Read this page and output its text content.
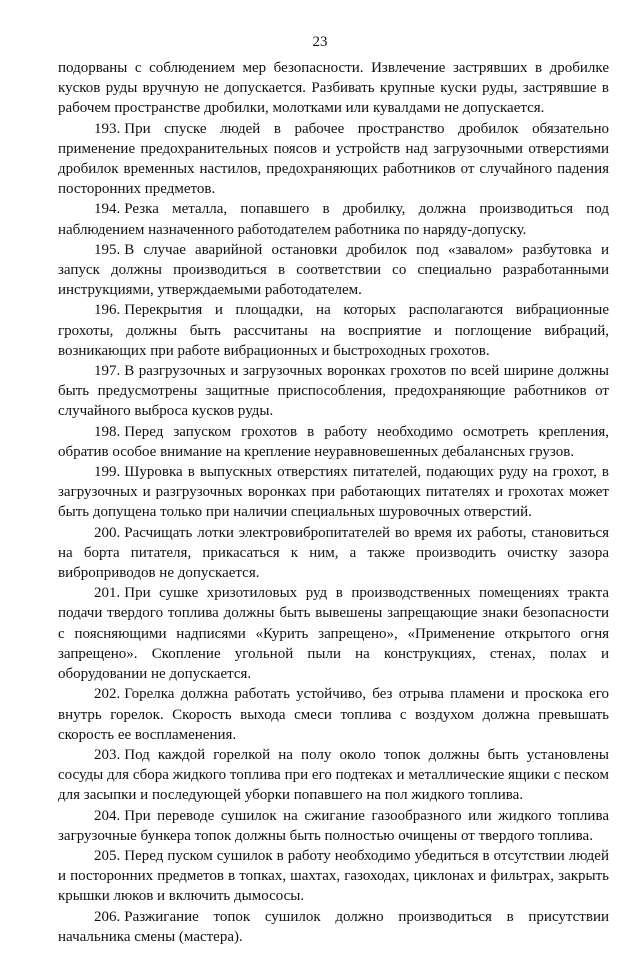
23

подорваны с соблюдением мер безопасности. Извлечение застрявших в дробилке кусков руды вручную не допускается. Разбивать крупные куски руды, застрявшие в рабочем пространстве дробилки, молотками или кувалдами не допускается.

193. При спуске людей в рабочее пространство дробилок обязательно применение предохранительных поясов и устройств над загрузочными отверстиями дробилок временных настилов, предохраняющих работников от случайного падения посторонних предметов.

194. Резка металла, попавшего в дробилку, должна производиться под наблюдением назначенного работодателем работника по наряду-допуску.

195. В случае аварийной остановки дробилок под «завалом» разбутовка и запуск должны производиться в соответствии со специально разработанными инструкциями, утверждаемыми работодателем.

196. Перекрытия и площадки, на которых располагаются вибрационные грохоты, должны быть рассчитаны на восприятие и поглощение вибраций, возникающих при работе вибрационных и быстроходных грохотов.

197. В разгрузочных и загрузочных воронках грохотов по всей ширине должны быть предусмотрены защитные приспособления, предохраняющие работников от случайного выброса кусков руды.

198. Перед запуском грохотов в работу необходимо осмотреть крепления, обратив особое внимание на крепление неуравновешенных дебалансных грузов.

199. Шуровка в выпускных отверстиях питателей, подающих руду на грохот, в загрузочных и разгрузочных воронках при работающих питателях и грохотах может быть допущена только при наличии специальных шуровочных отверстий.

200. Расчищать лотки электровибропитателей во время их работы, становиться на борта питателя, прикасаться к ним, а также производить очистку зазора виброприводов не допускается.

201. При сушке хризотиловых руд в производственных помещениях тракта подачи твердого топлива должны быть вывешены запрещающие знаки безопасности с поясняющими надписями «Курить запрещено», «Применение открытого огня запрещено». Скопление угольной пыли на конструкциях, стенах, полах и оборудовании не допускается.

202. Горелка должна работать устойчиво, без отрыва пламени и проскока его внутрь горелок. Скорость выхода смеси топлива с воздухом должна превышать скорость ее воспламенения.

203. Под каждой горелкой на полу около топок должны быть установлены сосуды для сбора жидкого топлива при его подтеках и металлические ящики с песком для засыпки и последующей уборки попавшего на пол жидкого топлива.

204. При переводе сушилок на сжигание газообразного или жидкого топлива загрузочные бункера топок должны быть полностью очищены от твердого топлива.

205. Перед пуском сушилок в работу необходимо убедиться в отсутствии людей и посторонних предметов в топках, шахтах, газоходах, циклонах и фильтрах, закрыть крышки люков и включить дымососы.

206. Разжигание топок сушилок должно производиться в присутствии начальника смены (мастера).
